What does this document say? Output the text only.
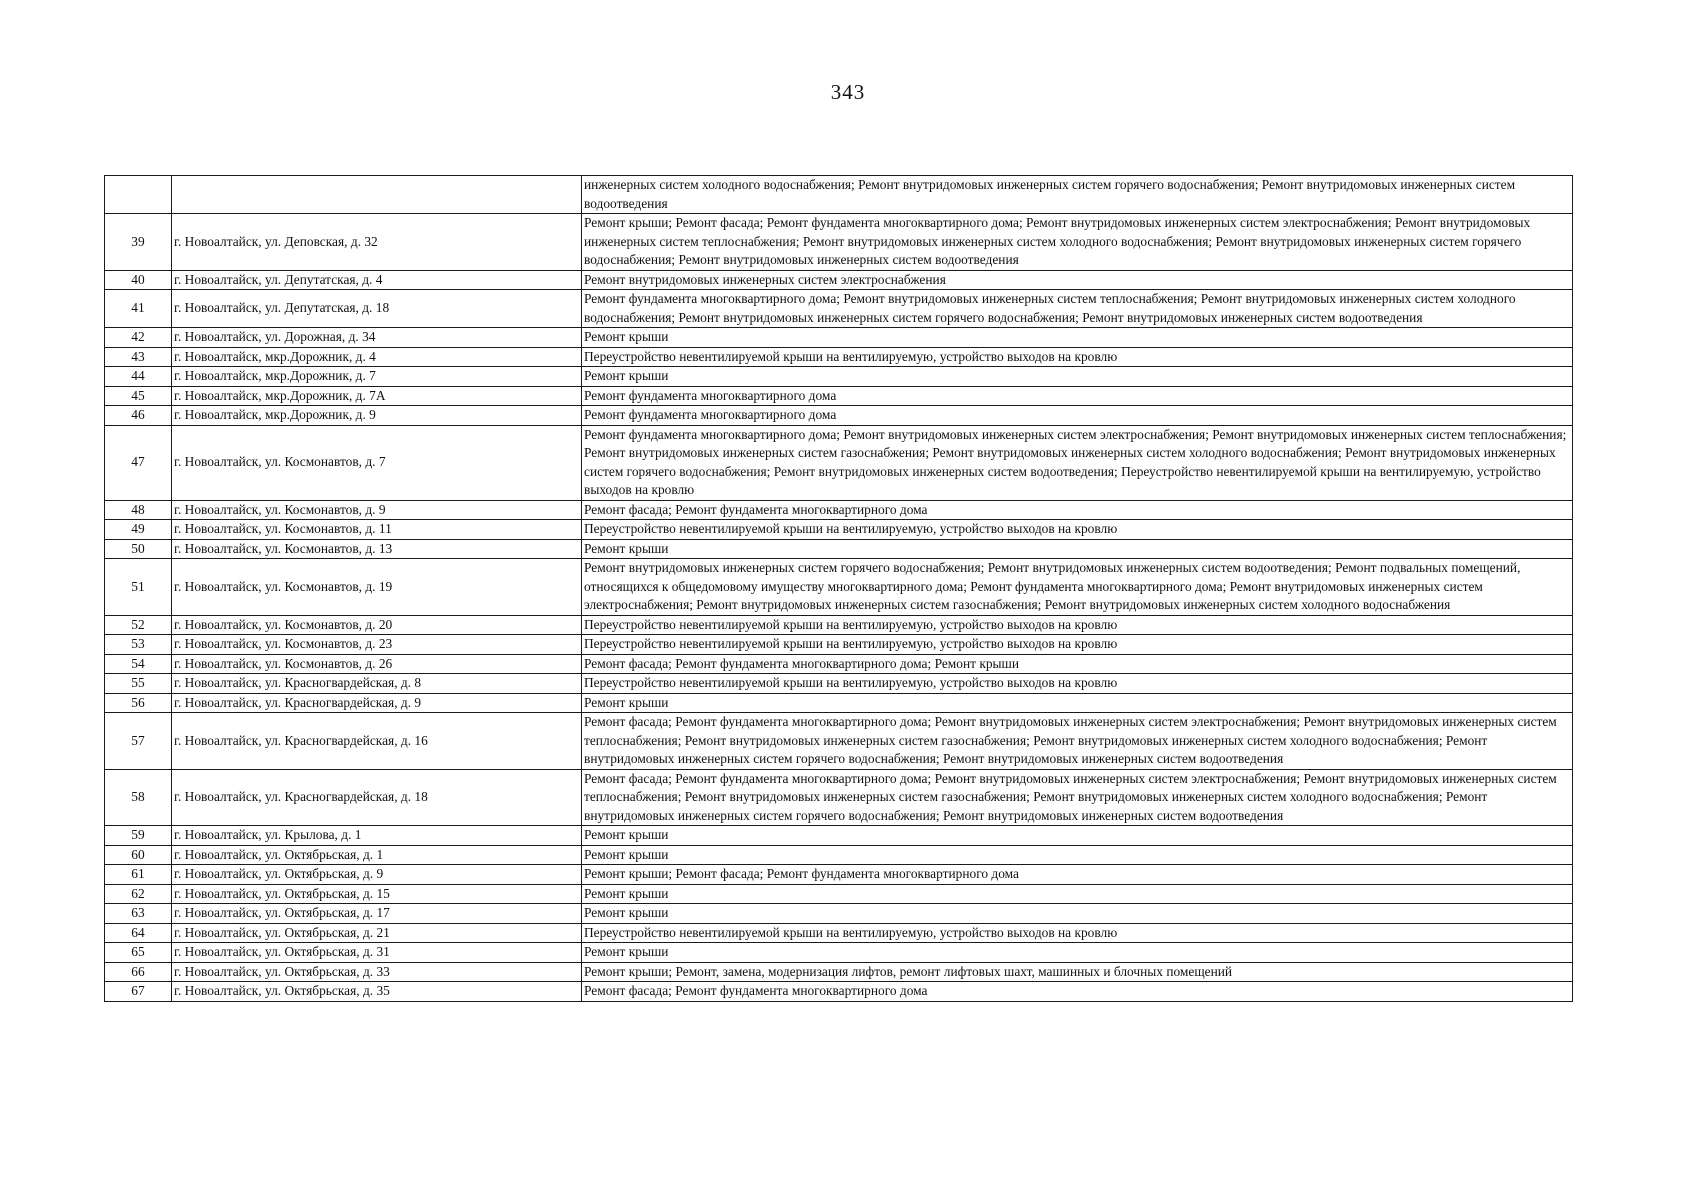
343
		инженерных систем холодного водоснабжения; Ремонт внутридомовых инженерных систем горячего водоснабжения; Ремонт внутридомовых инженерных систем водоотведения
39	г. Новоалтайск, ул. Деповская, д. 32	Ремонт крыши; Ремонт фасада; Ремонт фундамента многоквартирного дома; Ремонт внутридомовых инженерных систем электроснабжения; Ремонт внутридомовых инженерных систем теплоснабжения; Ремонт внутридомовых инженерных систем холодного водоснабжения; Ремонт внутридомовых инженерных систем горячего водоснабжения; Ремонт внутридомовых инженерных систем водоотведения
40	г. Новоалтайск, ул. Депутатская, д. 4	Ремонт внутридомовых инженерных систем электроснабжения
41	г. Новоалтайск, ул. Депутатская, д. 18	Ремонт фундамента многоквартирного дома; Ремонт внутридомовых инженерных систем теплоснабжения; Ремонт внутридомовых инженерных систем холодного водоснабжения; Ремонт внутридомовых инженерных систем горячего водоснабжения; Ремонт внутридомовых инженерных систем водоотведения
42	г. Новоалтайск, ул. Дорожная, д. 34	Ремонт крыши
43	г. Новоалтайск, мкр.Дорожник, д. 4	Переустройство невентилируемой крыши на вентилируемую, устройство выходов на кровлю
44	г. Новоалтайск, мкр.Дорожник, д. 7	Ремонт крыши
45	г. Новоалтайск, мкр.Дорожник, д. 7А	Ремонт фундамента многоквартирного дома
46	г. Новоалтайск, мкр.Дорожник, д. 9	Ремонт фундамента многоквартирного дома
47	г. Новоалтайск, ул. Космонавтов, д. 7	Ремонт фундамента многоквартирного дома; Ремонт внутридомовых инженерных систем электроснабжения; Ремонт внутридомовых инженерных систем теплоснабжения; Ремонт внутридомовых инженерных систем газоснабжения; Ремонт внутридомовых инженерных систем холодного водоснабжения; Ремонт внутридомовых инженерных систем горячего водоснабжения; Ремонт внутридомовых инженерных систем водоотведения; Переустройство невентилируемой крыши на вентилируемую, устройство выходов на кровлю
48	г. Новоалтайск, ул. Космонавтов, д. 9	Ремонт фасада; Ремонт фундамента многоквартирного дома
49	г. Новоалтайск, ул. Космонавтов, д. 11	Переустройство невентилируемой крыши на вентилируемую, устройство выходов на кровлю
50	г. Новоалтайск, ул. Космонавтов, д. 13	Ремонт крыши
51	г. Новоалтайск, ул. Космонавтов, д. 19	Ремонт внутридомовых инженерных систем горячего водоснабжения; Ремонт внутридомовых инженерных систем водоотведения; Ремонт подвальных помещений, относящихся к общедомовому имуществу многоквартирного дома; Ремонт фундамента многоквартирного дома; Ремонт внутридомовых инженерных систем электроснабжения; Ремонт внутридомовых инженерных систем газоснабжения; Ремонт внутридомовых инженерных систем холодного водоснабжения
52	г. Новоалтайск, ул. Космонавтов, д. 20	Переустройство невентилируемой крыши на вентилируемую, устройство выходов на кровлю
53	г. Новоалтайск, ул. Космонавтов, д. 23	Переустройство невентилируемой крыши на вентилируемую, устройство выходов на кровлю
54	г. Новоалтайск, ул. Космонавтов, д. 26	Ремонт фасада; Ремонт фундамента многоквартирного дома; Ремонт крыши
55	г. Новоалтайск, ул. Красногвардейская, д. 8	Переустройство невентилируемой крыши на вентилируемую, устройство выходов на кровлю
56	г. Новоалтайск, ул. Красногвардейская, д. 9	Ремонт крыши
57	г. Новоалтайск, ул. Красногвардейская, д. 16	Ремонт фасада; Ремонт фундамента многоквартирного дома; Ремонт внутридомовых инженерных систем электроснабжения; Ремонт внутридомовых инженерных систем теплоснабжения; Ремонт внутридомовых инженерных систем газоснабжения; Ремонт внутридомовых инженерных систем холодного водоснабжения; Ремонт внутридомовых инженерных систем горячего водоснабжения; Ремонт внутридомовых инженерных систем водоотведения
58	г. Новоалтайск, ул. Красногвардейская, д. 18	Ремонт фасада; Ремонт фундамента многоквартирного дома; Ремонт внутридомовых инженерных систем электроснабжения; Ремонт внутридомовых инженерных систем теплоснабжения; Ремонт внутридомовых инженерных систем газоснабжения; Ремонт внутридомовых инженерных систем холодного водоснабжения; Ремонт внутридомовых инженерных систем горячего водоснабжения; Ремонт внутридомовых инженерных систем водоотведения
59	г. Новоалтайск, ул. Крылова, д. 1	Ремонт крыши
60	г. Новоалтайск, ул. Октябрьская, д. 1	Ремонт крыши
61	г. Новоалтайск, ул. Октябрьская, д. 9	Ремонт крыши; Ремонт фасада; Ремонт фундамента многоквартирного дома
62	г. Новоалтайск, ул. Октябрьская, д. 15	Ремонт крыши
63	г. Новоалтайск, ул. Октябрьская, д. 17	Ремонт крыши
64	г. Новоалтайск, ул. Октябрьская, д. 21	Переустройство невентилируемой крыши на вентилируемую, устройство выходов на кровлю
65	г. Новоалтайск, ул. Октябрьская, д. 31	Ремонт крыши
66	г. Новоалтайск, ул. Октябрьская, д. 33	Ремонт крыши; Ремонт, замена, модернизация лифтов, ремонт лифтовых шахт, машинных и блочных помещений
67	г. Новоалтайск, ул. Октябрьская, д. 35	Ремонт фасада; Ремонт фундамента многоквартирного дома
